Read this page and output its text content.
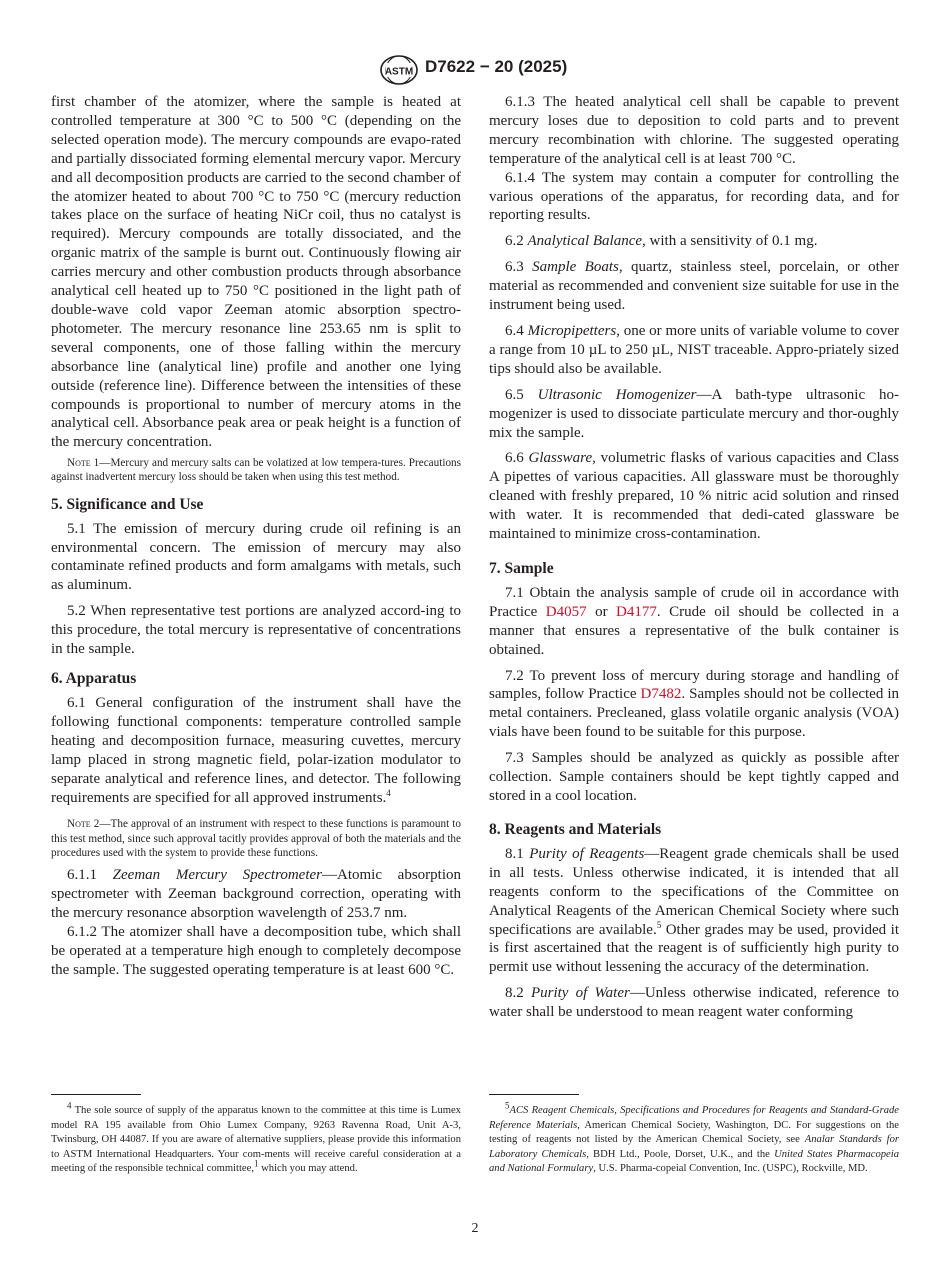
ASTM D7622 − 20 (2025)

first chamber of the atomizer, where the sample is heated at controlled temperature at 300 °C to 500 °C (depending on the selected operation mode). The mercury compounds are evapo-rated and partially dissociated forming elemental mercury vapor. Mercury and all decomposition products are carried to the second chamber of the atomizer heated to about 700 °C to 750 °C (mercury reduction takes place on the surface of heating NiCr coil, thus no catalyst is required). Mercury compounds are totally dissociated, and the organic matrix of the sample is burnt out. Continuously flowing air carries mercury and other combustion products through absorbance analytical cell heated up to 750 °C positioned in the light path of double-wave cold vapor Zeeman atomic absorption spectro-photometer. The mercury resonance line 253.65 nm is split to several components, one of those falling within the mercury absorbance line (analytical line) profile and another one lying outside (reference line). Difference between the intensities of these compounds is proportional to number of mercury atoms in the analytical cell. Absorbance peak area or peak height is a function of the mercury concentration.

Note 1—Mercury and mercury salts can be volatized at low tempera-tures. Precautions against inadvertent mercury loss should be taken when using this test method.

5. Significance and Use

5.1 The emission of mercury during crude oil refining is an environmental concern. The emission of mercury may also contaminate refined products and form amalgams with metals, such as aluminum.

5.2 When representative test portions are analyzed accord-ing to this procedure, the total mercury is representative of concentrations in the sample.

6. Apparatus

6.1 General configuration of the instrument shall have the following functional components: temperature controlled sample heating and decomposition furnace, measuring cuvettes, mercury lamp placed in strong magnetic field, polar-ization modulator to separate analytical and reference lines, and detector. The following requirements are specified for all approved instruments.$^4$

Note 2—The approval of an instrument with respect to these functions is paramount to this test method, since such approval tacitly provides approval of both the materials and the procedures used with the system to provide these functions.

6.1.1 Zeeman Mercury Spectrometer—Atomic absorption spectrometer with Zeeman background correction, operating with the mercury resonance absorption wavelength of 253.7 nm.

6.1.2 The atomizer shall have a decomposition tube, which shall be operated at a temperature high enough to completely decompose the sample. The suggested operating temperature is at least 600 °C.

6.1.3 The heated analytical cell shall be capable to prevent mercury loses due to deposition to cold parts and to prevent mercury recombination with chlorine. The suggested operating temperature of the analytical cell is at least 700 °C.

6.1.4 The system may contain a computer for controlling the various operations of the apparatus, for recording data, and for reporting results.

6.2 Analytical Balance, with a sensitivity of 0.1 mg.

6.3 Sample Boats, quartz, stainless steel, porcelain, or other material as recommended and convenient size suitable for use in the instrument being used.

6.4 Micropipetters, one or more units of variable volume to cover a range from 10 µL to 250 µL, NIST traceable. Appro-priately sized tips should also be available.

6.5 Ultrasonic Homogenizer—A bath-type ultrasonic ho-mogenizer is used to dissociate particulate mercury and thor-oughly mix the sample.

6.6 Glassware, volumetric flasks of various capacities and Class A pipettes of various capacities. All glassware must be thoroughly cleaned with freshly prepared, 10 % nitric acid solution and rinsed with water. It is recommended that dedi-cated glassware be maintained to minimize cross-contamination.

7. Sample

7.1 Obtain the analysis sample of crude oil in accordance with Practice D4057 or D4177. Crude oil should be collected in a manner that ensures a representative of the bulk container is obtained.

7.2 To prevent loss of mercury during storage and handling of samples, follow Practice D7482. Samples should not be collected in metal containers. Precleaned, glass volatile organic analysis (VOA) vials have been found to be suitable for this purpose.

7.3 Samples should be analyzed as quickly as possible after collection. Sample containers should be kept tightly capped and stored in a cool location.

8. Reagents and Materials

8.1 Purity of Reagents—Reagent grade chemicals shall be used in all tests. Unless otherwise indicated, it is intended that all reagents conform to the specifications of the Committee on Analytical Reagents of the American Chemical Society where such specifications are available.$^5$ Other grades may be used, provided it is first ascertained that the reagent is of sufficiently high purity to permit use without lessening the accuracy of the determination.

8.2 Purity of Water—Unless otherwise indicated, reference to water shall be understood to mean reagent water conforming

$^4$ The sole source of supply of the apparatus known to the committee at this time is Lumex model RA 195 available from Ohio Lumex Company, 9263 Ravenna Road, Unit A-3, Twinsburg, OH 44087. If you are aware of alternative suppliers, please provide this information to ASTM International Headquarters. Your com-ments will receive careful consideration at a meeting of the responsible technical committee,$^1$ which you may attend.

$^5$ACS Reagent Chemicals, Specifications and Procedures for Reagents and Standard-Grade Reference Materials, American Chemical Society, Washington, DC. For suggestions on the testing of reagents not listed by the American Chemical Society, see Analar Standards for Laboratory Chemicals, BDH Ltd., Poole, Dorset, U.K., and the United States Pharmacopeia and National Formulary, U.S. Pharma-copeial Convention, Inc. (USPC), Rockville, MD.

2
